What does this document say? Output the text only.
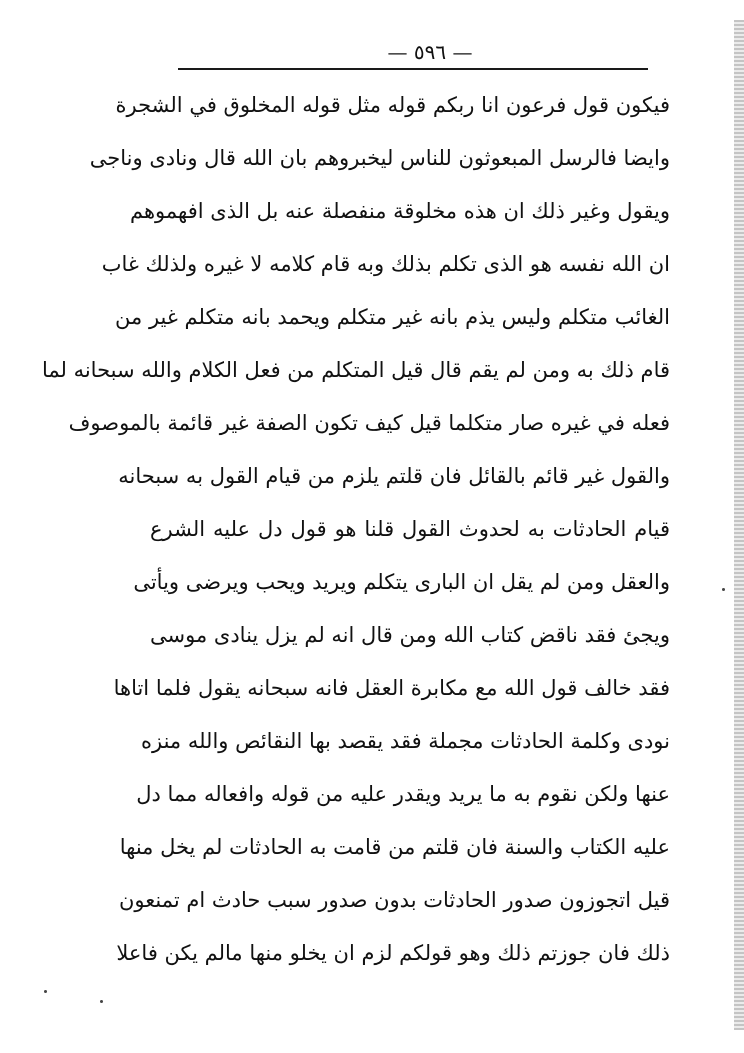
— ٥٩٦ —
فيكون قول فرعون انا ربكم قوله مثل قوله المخلوق في الشجرة
وايضا فالرسل المبعوثون للناس ليخبروهم بان الله قال ونادى وناجى
ويقول وغير ذلك ان هذه مخلوقة منفصلة عنه بل الذى افهموهم
ان الله نفسه هو الذى تكلم بذلك وبه قام كلامه لا غيره ولذلك غاب
الغائب متكلم وليس يذم بانه غير متكلم ويحمد بانه متكلم غير من
قام ذلك به ومن لم يقم قال قيل المتكلم من فعل الكلام والله سبحانه لما
فعله في غيره صار متكلما قيل كيف تكون الصفة غير قائمة بالموصوف
والقول غير قائم بالقائل فان قلتم يلزم من قيام القول به سبحانه
قيام الحادثات به لحدوث القول قلنا هو قول دل عليه الشرع
والعقل ومن لم يقل ان البارى يتكلم ويريد ويحب ويرضى ويأتى
ويجئ فقد ناقض كتاب الله ومن قال انه لم يزل ينادى موسى
فقد خالف قول الله مع مكابرة العقل فانه سبحانه يقول فلما اتاها
نودى وكلمة الحادثات مجملة فقد يقصد بها النقائص والله منزه
عنها ولكن نقوم به ما يريد ويقدر عليه من قوله وافعاله مما دل
عليه الكتاب والسنة فان قلتم من قامت به الحادثات لم يخل منها
قيل اتجوزون صدور الحادثات بدون صدور سبب حادث ام تمنعون
ذلك فان جوزتم ذلك وهو قولكم لزم ان يخلو منها مالم يكن فاعلا
